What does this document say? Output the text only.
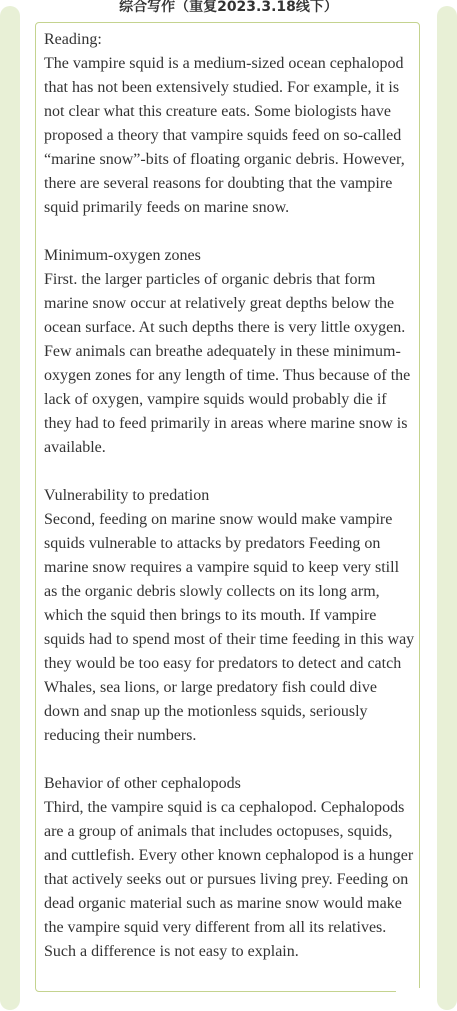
综合写作（重复2023.3.18线下）

Reading:

The vampire squid is a medium-sized ocean cephalopod that has not been extensively studied. For example, it is not clear what this creature eats. Some biologists have proposed a theory that vampire squids feed on so-called “marine snow”-bits of floating organic debris. However, there are several reasons for doubting that the vampire squid primarily feeds on marine snow.

Minimum-oxygen zones

First. the larger particles of organic debris that form marine snow occur at relatively great depths below the ocean surface. At such depths there is very little oxygen. Few animals can breathe adequately in these minimum-oxygen zones for any length of time. Thus because of the lack of oxygen, vampire squids would probably die if they had to feed primarily in areas where marine snow is available.

Vulnerability to predation

Second, feeding on marine snow would make vampire squids vulnerable to attacks by predators Feeding on marine snow requires a vampire squid to keep very still as the organic debris slowly collects on its long arm, which the squid then brings to its mouth. If vampire squids had to spend most of their time feeding in this way they would be too easy for predators to detect and catch Whales, sea lions, or large predatory fish could dive down and snap up the motionless squids, seriously reducing their numbers.

Behavior of other cephalopods

Third, the vampire squid is ca cephalopod. Cephalopods are a group of animals that includes octopuses, squids, and cuttlefish. Every other known cephalopod is a hunger that actively seeks out or pursues living prey. Feeding on dead organic material such as marine snow would make the vampire squid very different from all its relatives. Such a difference is not easy to explain.
